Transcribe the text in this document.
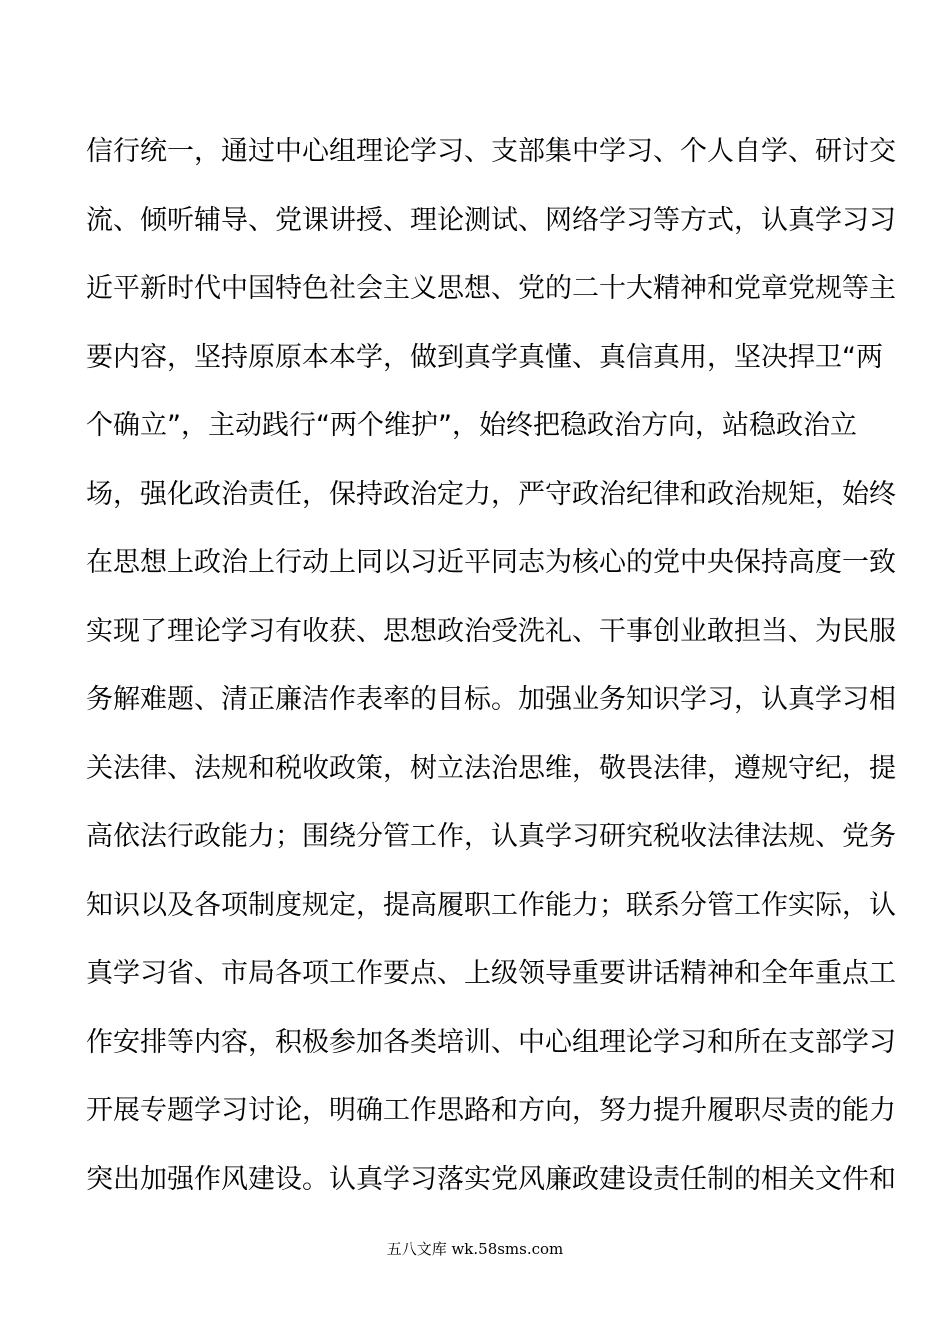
信行统一，通过中心组理论学习、支部集中学习、个人自学、研讨交
流、倾听辅导、党课讲授、理论测试、网络学习等方式，认真学习习
近平新时代中国特色社会主义思想、党的二十大精神和党章党规等主
要内容，坚持原原本本学，做到真学真懂、真信真用，坚决捍卫“两
个确立”，主动践行“两个维护”，始终把稳政治方向，站稳政治立
场，强化政治责任，保持政治定力，严守政治纪律和政治规矩，始终
在思想上政治上行动上同以习近平同志为核心的党中央保持高度一致
实现了理论学习有收获、思想政治受洗礼、干事创业敢担当、为民服
务解难题、清正廉洁作表率的目标。加强业务知识学习，认真学习相
关法律、法规和税收政策，树立法治思维，敬畏法律，遵规守纪，提
高依法行政能力；围绕分管工作，认真学习研究税收法律法规、党务
知识以及各项制度规定，提高履职工作能力；联系分管工作实际，认
真学习省、市局各项工作要点、上级领导重要讲话精神和全年重点工
作安排等内容，积极参加各类培训、中心组理论学习和所在支部学习
开展专题学习讨论，明确工作思路和方向，努力提升履职尽责的能力
突出加强作风建设。认真学习落实党风廉政建设责任制的相关文件和
五八文库 wk.58sms.com
